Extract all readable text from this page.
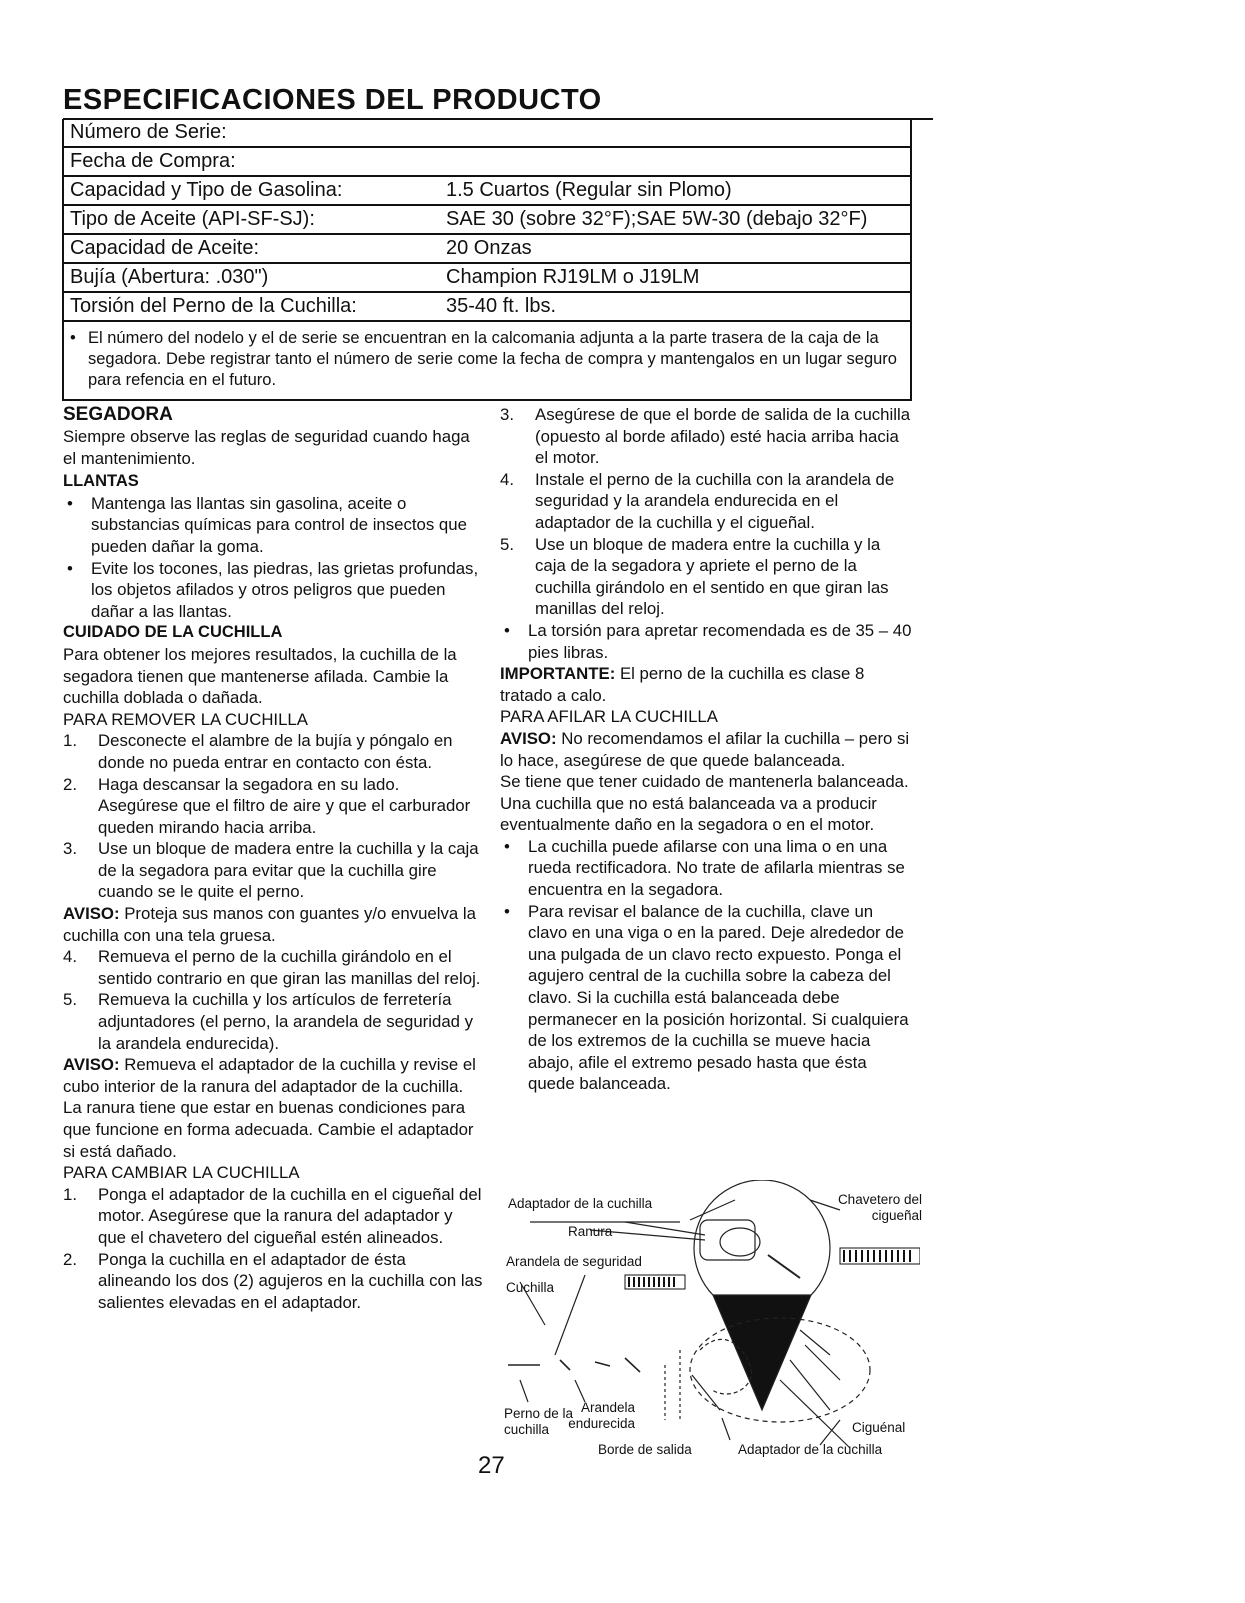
ESPECIFICACIONES DEL PRODUCTO
Número de Serie:
Fecha de Compra:
Capacidad y Tipo de Gasolina:	1.5 Cuartos (Regular sin Plomo)
Tipo de Aceite (API-SF-SJ):	SAE 30 (sobre 32°F);SAE 5W-30 (debajo 32°F)
Capacidad de Aceite:	20 Onzas
Bujía (Abertura: .030")	Champion RJ19LM o J19LM
Torsión del Perno de la Cuchilla:	35-40 ft. lbs.
• El número del nodelo y el de serie se encuentran en la calcomania adjunta a la parte trasera de la caja de la segadora. Debe registrar tanto el número de serie come la fecha de compra y mantengalos en un lugar seguro para refencia en el futuro.
SEGADORA

Siempre observe las reglas de seguridad cuando haga el mantenimiento.

LLANTAS
•	Mantenga las llantas sin gasolina, aceite o substancias químicas para control de insectos que pueden dañar la goma.
•	Evite los tocones, las piedras, las grietas profundas, los objetos afilados y otros peligros que pueden dañar a las llantas.
CUIDADO DE LA CUCHILLA

Para obtener los mejores resultados, la cuchilla de la segadora tienen que mantenerse afilada. Cambie la cuchilla doblada o dañada.

PARA REMOVER LA CUCHILLA
1.	Desconecte el alambre de la bujía y póngalo en donde no pueda entrar en contacto con ésta.
2.	Haga descansar la segadora en su lado. Asegúrese que el filtro de aire y que el carburador queden mirando hacia arriba.
3.	Use un bloque de madera entre la cuchilla y la caja de la segadora para evitar que la cuchilla gire cuando se le quite el perno.

AVISO: Proteja sus manos con guantes y/o envuelva la cuchilla con una tela gruesa.

4.	Remueva el perno de la cuchilla girándolo en el sentido contrario en que giran las manillas del reloj.
5.	Remueva la cuchilla y los artículos de ferretería adjuntadores (el perno, la arandela de seguridad y la arandela endurecida).

AVISO: Remueva el adaptador de la cuchilla y revise el cubo interior de la ranura del adaptador de la cuchilla. La ranura tiene que estar en buenas condiciones para que funcione en forma adecuada. Cambie el adaptador si está dañado.

PARA CAMBIAR LA CUCHILLA
1.	Ponga el adaptador de la cuchilla en el cigueñal del motor. Asegúrese que la ranura del adaptador y que el chavetero del cigueñal estén alineados.
2.	Ponga la cuchilla en el adaptador de ésta alineando los dos (2) agujeros en la cuchilla con las salientes elevadas en el adaptador.
3.	Asegúrese de que el borde de salida de la cuchilla (opuesto al borde afilado) esté hacia arriba hacia el motor.
4.	Instale el perno de la cuchilla con la arandela de seguridad y la arandela endurecida en el adaptador de la cuchilla y el cigueñal.
5.	Use un bloque de madera entre la cuchilla y la caja de la segadora y apriete el perno de la cuchilla girándolo en el sentido en que giran las manillas del reloj.
•	La torsión para apretar recomendada es de 35 – 40 pies libras.

IMPORTANTE: El perno de la cuchilla es clase 8 tratado a calo.

PARA AFILAR LA CUCHILLA

AVISO: No recomendamos el afilar la cuchilla – pero si lo hace, asegúrese de que quede balanceada.

Se tiene que tener cuidado de mantenerla balanceada. Una cuchilla que no está balanceada va a producir eventualmente daño en la segadora o en el motor.

•	La cuchilla puede afilarse con una lima o en una rueda rectificadora. No trate de afilarla mientras se encuentra en la segadora.
•	Para revisar el balance de la cuchilla, clave un clavo en una viga o en la pared. Deje alrededor de una pulgada de un clavo recto expuesto. Ponga el agujero central de la cuchilla sobre la cabeza del clavo. Si la cuchilla está balanceada debe permanecer en la posición horizontal. Si cualquiera de los extremos de la cuchilla se mueve hacia abajo, afile el extremo pesado hasta que ésta quede balanceada.
Adaptador de la cuchilla	Chavetero del cigueñal
Ranura
Arandela de seguridad
Cuchilla
Perno de la cuchilla
Arandela endurecida
Borde de salida	Adaptador de la cuchilla
Ciguénal
27
